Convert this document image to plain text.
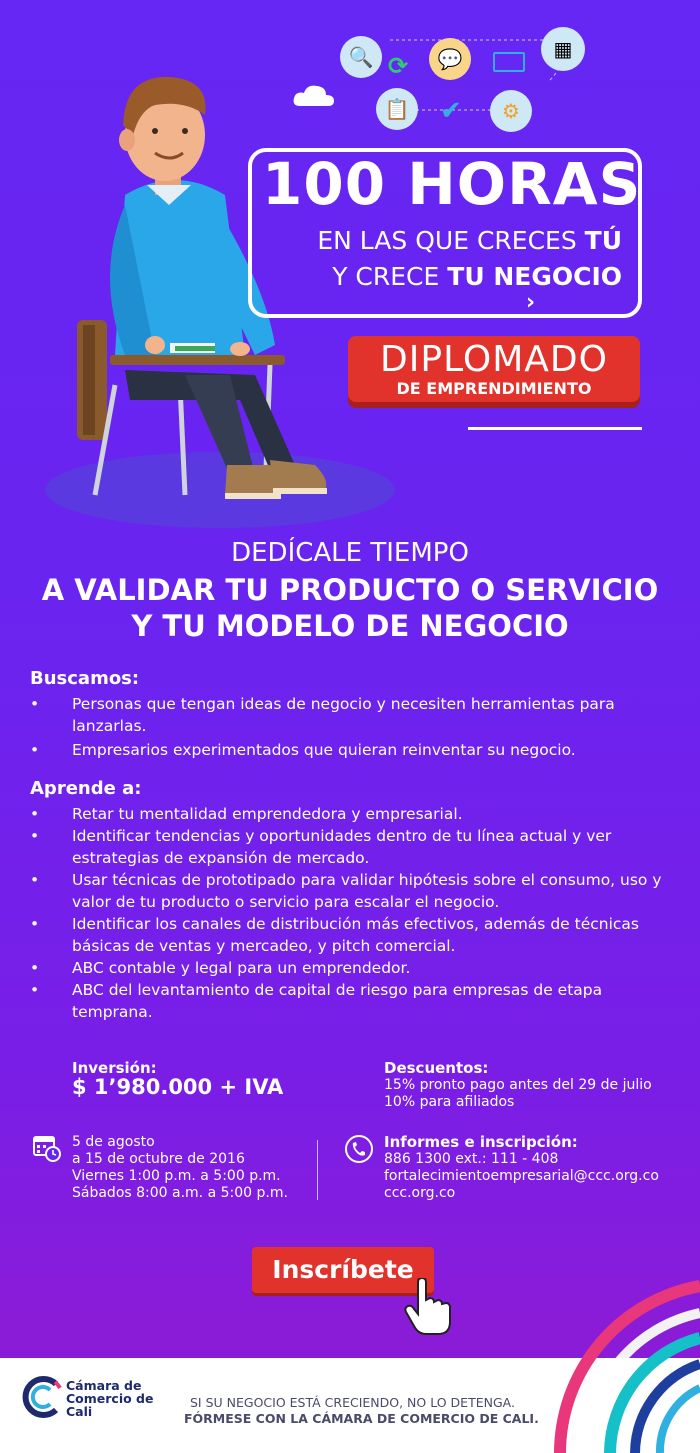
🔍 ⟳	💬	▦
📋	✔	⚙
100 HORAS
EN LAS QUE CRECES TÚ
Y CRECE TU NEGOCIO
›
DIPLOMADO
DE EMPRENDIMIENTO
DEDÍCALE TIEMPO
A VALIDAR TU PRODUCTO O SERVICIO
Y TU MODELO DE NEGOCIO
Buscamos:
• Personas que tengan ideas de negocio y necesiten herramientas para lanzarlas.
• Empresarios experimentados que quieran reinventar su negocio.
Aprende a:
• Retar tu mentalidad emprendedora y empresarial.
• Identificar tendencias y oportunidades dentro de tu línea actual y ver estrategias de expansión de mercado.
• Usar técnicas de prototipado para validar hipótesis sobre el consumo, uso y valor de tu producto o servicio para escalar el negocio.
• Identificar los canales de distribución más efectivos, además de técnicas básicas de ventas y mercadeo, y pitch comercial.
• ABC contable y legal para un emprendedor.
• ABC del levantamiento de capital de riesgo para empresas de etapa temprana.
Inversión:
$ 1’980.000 + IVA
Descuentos:
15% pronto pago antes del 29 de julio
10% para afiliados
5 de agosto
a 15 de octubre de 2016
Viernes 1:00 p.m. a 5:00 p.m.
Sábados 8:00 a.m. a 5:00 p.m.
Informes e inscripción:
886 1300 ext.: 111 - 408
fortalecimientoempresarial@ccc.org.co
ccc.org.co
Inscríbete
Cámara de
Comercio de
Cali
SI SU NEGOCIO ESTÁ CRECIENDO, NO LO DETENGA.
FÓRMESE CON LA CÁMARA DE COMERCIO DE CALI.
